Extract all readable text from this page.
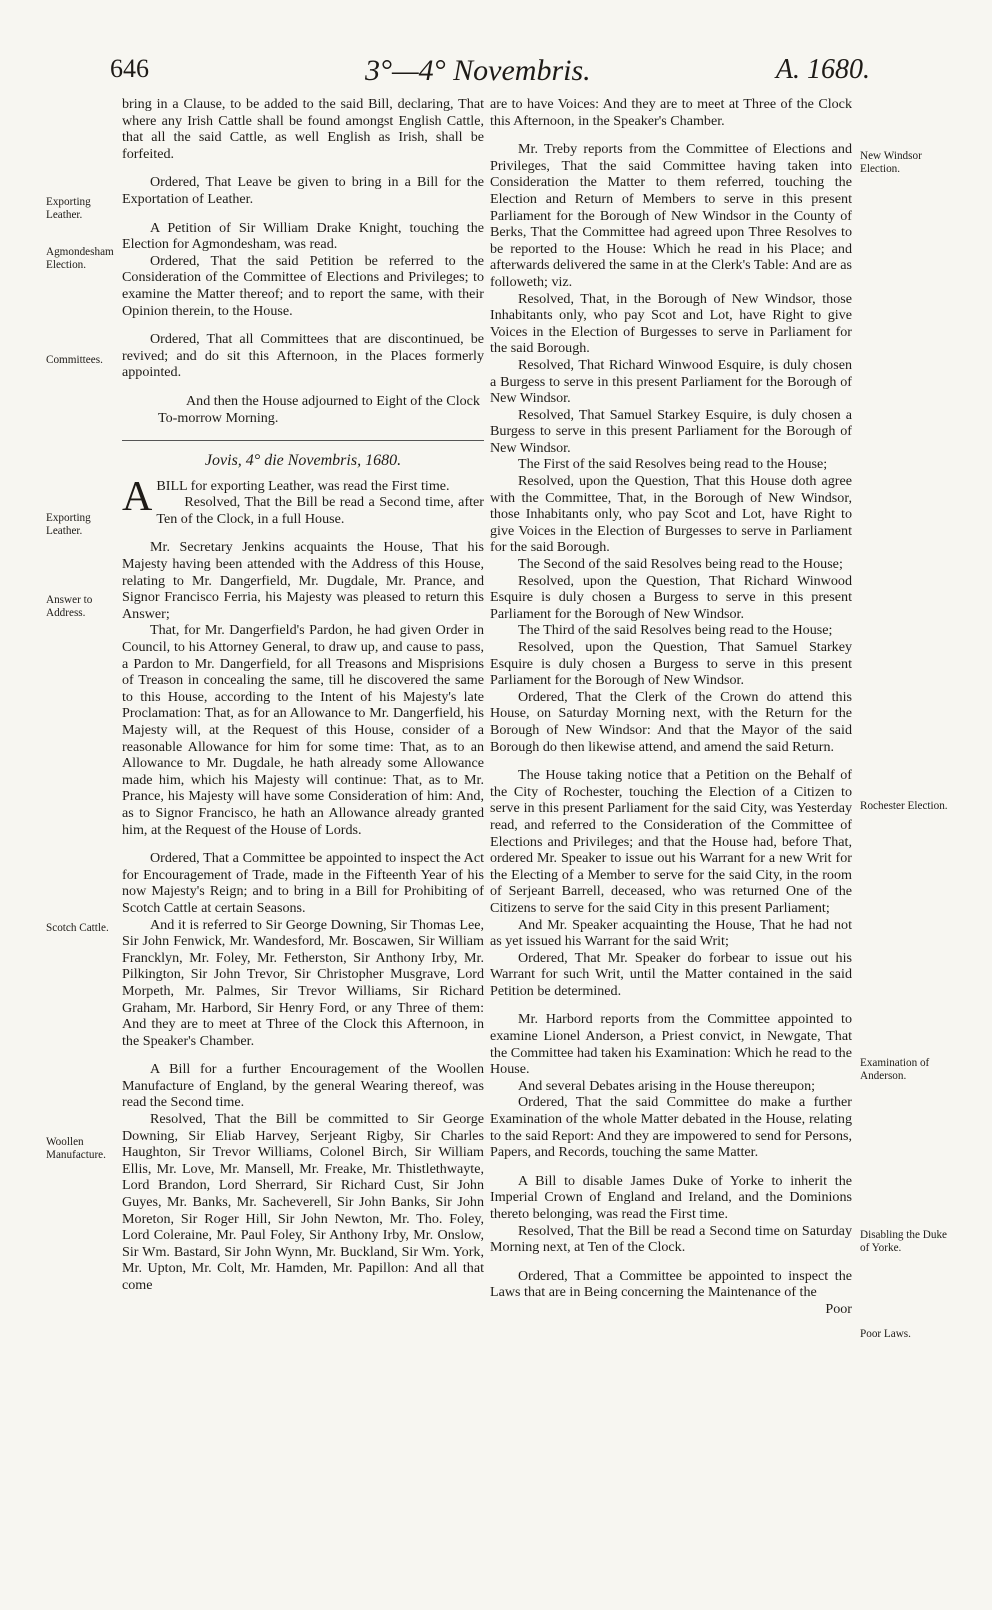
646	3°—4° Novembris.	A. 1680.
Exporting Leather.
Agmondesham Election.
Committees.
Exporting Leather.
Answer to Address.
Scotch Cattle.
Woollen Manufacture.
New Windsor Election.
Rochester Election.
Examination of Anderson.
Disabling the Duke of Yorke.
Poor Laws.

bring in a Clause, to be added to the said Bill, declaring, That where any Irish Cattle shall be found amongst English Cattle, that all the said Cattle, as well English as Irish, shall be forfeited.

Ordered, That Leave be given to bring in a Bill for the Exportation of Leather.

A Petition of Sir William Drake Knight, touching the Election for Agmondesham, was read.

Ordered, That the said Petition be referred to the Consideration of the Committee of Elections and Privileges; to examine the Matter thereof; and to report the same, with their Opinion therein, to the House.

Ordered, That all Committees that are discontinued, be revived; and do sit this Afternoon, in the Places formerly appointed.

And then the House adjourned to Eight of the Clock To-morrow Morning.

Jovis, 4° die Novembris, 1680.

ABILL for exporting Leather, was read the First time.

Resolved, That the Bill be read a Second time, after Ten of the Clock, in a full House.

Mr. Secretary Jenkins acquaints the House, That his Majesty having been attended with the Address of this House, relating to Mr. Dangerfield, Mr. Dugdale, Mr. Prance, and Signor Francisco Ferria, his Majesty was pleased to return this Answer;

That, for Mr. Dangerfield's Pardon, he had given Order in Council, to his Attorney General, to draw up, and cause to pass, a Pardon to Mr. Dangerfield, for all Treasons and Misprisions of Treason in concealing the same, till he discovered the same to this House, according to the Intent of his Majesty's late Proclamation: That, as for an Allowance to Mr. Dangerfield, his Majesty will, at the Request of this House, consider of a reasonable Allowance for him for some time: That, as to an Allowance to Mr. Dugdale, he hath already some Allowance made him, which his Majesty will continue: That, as to Mr. Prance, his Majesty will have some Consideration of him: And, as to Signor Francisco, he hath an Allowance already granted him, at the Request of the House of Lords.

Ordered, That a Committee be appointed to inspect the Act for Encouragement of Trade, made in the Fifteenth Year of his now Majesty's Reign; and to bring in a Bill for Prohibiting of Scotch Cattle at certain Seasons.

And it is referred to Sir George Downing, Sir Thomas Lee, Sir John Fenwick, Mr. Wandesford, Mr. Boscawen, Sir William Francklyn, Mr. Foley, Mr. Fetherston, Sir Anthony Irby, Mr. Pilkington, Sir John Trevor, Sir Christopher Musgrave, Lord Morpeth, Mr. Palmes, Sir Trevor Williams, Sir Richard Graham, Mr. Harbord, Sir Henry Ford, or any Three of them: And they are to meet at Three of the Clock this Afternoon, in the Speaker's Chamber.

A Bill for a further Encouragement of the Woollen Manufacture of England, by the general Wearing thereof, was read the Second time.

Resolved, That the Bill be committed to Sir George Downing, Sir Eliab Harvey, Serjeant Rigby, Sir Charles Haughton, Sir Trevor Williams, Colonel Birch, Sir William Ellis, Mr. Love, Mr. Mansell, Mr. Freake, Mr. Thistlethwayte, Lord Brandon, Lord Sherrard, Sir Richard Cust, Sir John Guyes, Mr. Banks, Mr. Sacheverell, Sir John Banks, Sir John Moreton, Sir Roger Hill, Sir John Newton, Mr. Tho. Foley, Lord Coleraine, Mr. Paul Foley, Sir Anthony Irby, Mr. Onslow, Sir Wm. Bastard, Sir John Wynn, Mr. Buckland, Sir Wm. York, Mr. Upton, Mr. Colt, Mr. Hamden, Mr. Papillon: And all that come

are to have Voices: And they are to meet at Three of the Clock this Afternoon, in the Speaker's Chamber.

Mr. Treby reports from the Committee of Elections and Privileges, That the said Committee having taken into Consideration the Matter to them referred, touching the Election and Return of Members to serve in this present Parliament for the Borough of New Windsor in the County of Berks, That the Committee had agreed upon Three Resolves to be reported to the House: Which he read in his Place; and afterwards delivered the same in at the Clerk's Table: And are as followeth; viz.

Resolved, That, in the Borough of New Windsor, those Inhabitants only, who pay Scot and Lot, have Right to give Voices in the Election of Burgesses to serve in Parliament for the said Borough.

Resolved, That Richard Winwood Esquire, is duly chosen a Burgess to serve in this present Parliament for the Borough of New Windsor.

Resolved, That Samuel Starkey Esquire, is duly chosen a Burgess to serve in this present Parliament for the Borough of New Windsor.

The First of the said Resolves being read to the House;

Resolved, upon the Question, That this House doth agree with the Committee, That, in the Borough of New Windsor, those Inhabitants only, who pay Scot and Lot, have Right to give Voices in the Election of Burgesses to serve in Parliament for the said Borough.

The Second of the said Resolves being read to the House;

Resolved, upon the Question, That Richard Winwood Esquire is duly chosen a Burgess to serve in this present Parliament for the Borough of New Windsor.

The Third of the said Resolves being read to the House;

Resolved, upon the Question, That Samuel Starkey Esquire is duly chosen a Burgess to serve in this present Parliament for the Borough of New Windsor.

Ordered, That the Clerk of the Crown do attend this House, on Saturday Morning next, with the Return for the Borough of New Windsor: And that the Mayor of the said Borough do then likewise attend, and amend the said Return.

The House taking notice that a Petition on the Behalf of the City of Rochester, touching the Election of a Citizen to serve in this present Parliament for the said City, was Yesterday read, and referred to the Consideration of the Committee of Elections and Privileges; and that the House had, before That, ordered Mr. Speaker to issue out his Warrant for a new Writ for the Electing of a Member to serve for the said City, in the room of Serjeant Barrell, deceased, who was returned One of the Citizens to serve for the said City in this present Parliament;

And Mr. Speaker acquainting the House, That he had not as yet issued his Warrant for the said Writ;

Ordered, That Mr. Speaker do forbear to issue out his Warrant for such Writ, until the Matter contained in the said Petition be determined.

Mr. Harbord reports from the Committee appointed to examine Lionel Anderson, a Priest convict, in Newgate, That the Committee had taken his Examination: Which he read to the House.

And several Debates arising in the House thereupon;

Ordered, That the said Committee do make a further Examination of the whole Matter debated in the House, relating to the said Report: And they are impowered to send for Persons, Papers, and Records, touching the same Matter.

A Bill to disable James Duke of Yorke to inherit the Imperial Crown of England and Ireland, and the Dominions thereto belonging, was read the First time.

Resolved, That the Bill be read a Second time on Saturday Morning next, at Ten of the Clock.

Ordered, That a Committee be appointed to inspect the Laws that are in Being concerning the Maintenance of the

Poor
